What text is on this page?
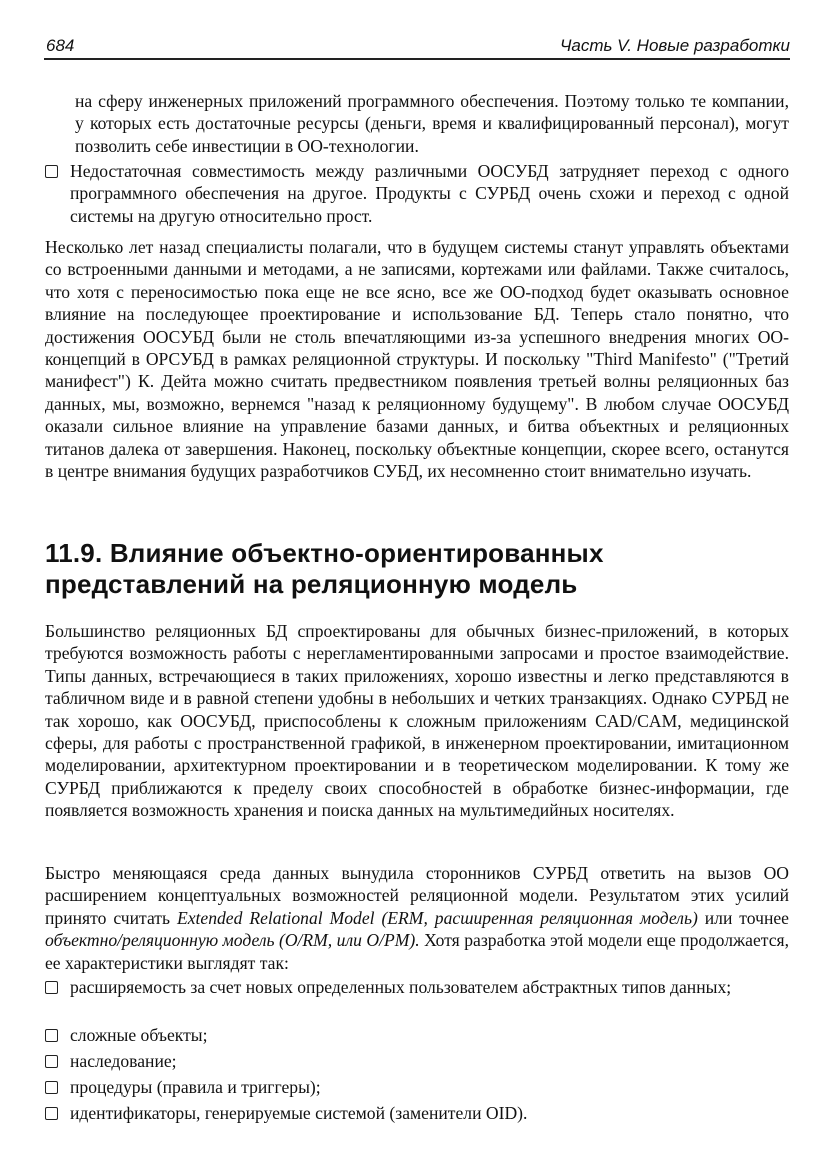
684	Часть V. Новые разработки
на сферу инженерных приложений программного обеспечения. Поэтому только те компании, у которых есть достаточные ресурсы (деньги, время и квалифицированный персонал), могут позволить себе инвестиции в ОО-технологии.
Недостаточная совместимость между различными ООСУБД затрудняет переход с одного программного обеспечения на другое. Продукты с СУРБД очень схожи и переход с одной системы на другую относительно прост.
Несколько лет назад специалисты полагали, что в будущем системы станут управлять объектами со встроенными данными и методами, а не записями, кортежами или файлами. Также считалось, что хотя с переносимостью пока еще не все ясно, все же ОО-подход будет оказывать основное влияние на последующее проектирование и использование БД. Теперь стало понятно, что достижения ООСУБД были не столь впечатляющими из-за успешного внедрения многих ОО-концепций в ОРСУБД в рамках реляционной структуры. И поскольку "Third Manifesto" ("Третий манифест") К. Дейта можно считать предвестником появления третьей волны реляционных баз данных, мы, возможно, вернемся "назад к реляционному будущему". В любом случае ООСУБД оказали сильное влияние на управление базами данных, и битва объектных и реляционных титанов далека от завершения. Наконец, поскольку объектные концепции, скорее всего, останутся в центре внимания будущих разработчиков СУБД, их несомненно стоит внимательно изучать.
11.9. Влияние объектно-ориентированных
представлений на реляционную модель
Большинство реляционных БД спроектированы для обычных бизнес-приложений, в которых требуются возможность работы с нерегламентированными запросами и простое взаимодействие. Типы данных, встречающиеся в таких приложениях, хорошо известны и легко представляются в табличном виде и в равной степени удобны в небольших и четких транзакциях. Однако СУРБД не так хорошо, как ООСУБД, приспособлены к сложным приложениям CAD/CAM, медицинской сферы, для работы с пространственной графикой, в инженерном проектировании, имитационном моделировании, архитектурном проектировании и в теоретическом моделировании. К тому же СУРБД приближаются к пределу своих способностей в обработке бизнес-информации, где появляется возможность хранения и поиска данных на мультимедийных носителях.
Быстро меняющаяся среда данных вынудила сторонников СУРБД ответить на вызов ОО расширением концептуальных возможностей реляционной модели. Результатом этих усилий принято считать Extended Relational Model (ERM, расширенная реляционная модель) или точнее объектно/реляционную модель (O/RM, или O/PM). Хотя разработка этой модели еще продолжается, ее характеристики выглядят так:
расширяемость за счет новых определенных пользователем абстрактных типов данных;
сложные объекты;
наследование;
процедуры (правила и триггеры);
идентификаторы, генерируемые системой (заменители OID).
